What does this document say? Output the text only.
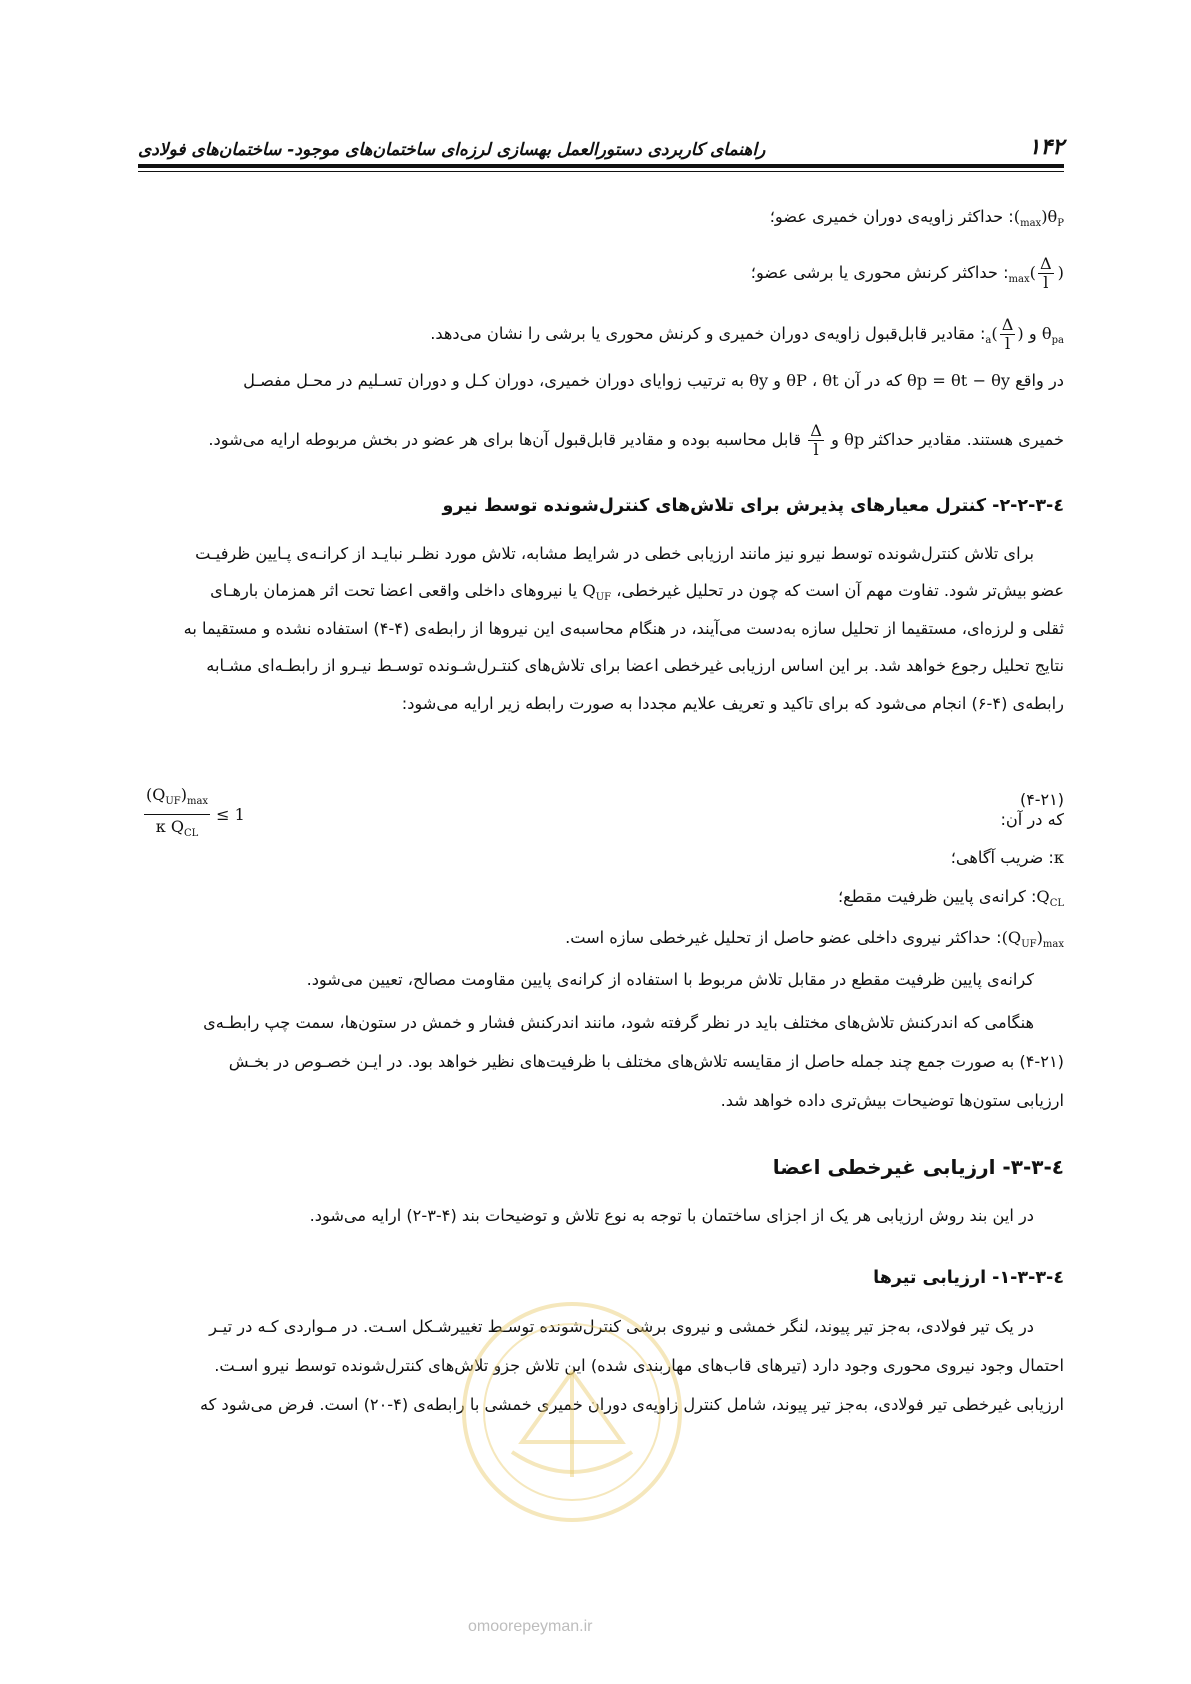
۱۴۲
راهنمای کاربردی دستورالعمل بهسازی لرزه‌ای ساختمان‌های موجود- ساختمان‌های فولادی
$\theta_P)_{max}$(: حداکثر زاویه‌ی دوران خمیری عضو؛
)
$\frac{\Delta}{l}$
($_{max}$: حداکثر کرنش محوری یا برشی عضو؛
$\theta_{pa}$ و )
$\frac{\Delta}{l}$
($_a$: مقادیر قابل‌قبول زاویه‌ی دوران خمیری و کرنش محوری یا برشی را نشان می‌دهد.
در واقع θp = θt − θy که در آن θP ، θt و θy به ترتیب زوایای دوران خمیری، دوران کـل و دوران تسـلیم در محـل مفصـل
خمیری هستند. مقادیر حداکثر θp و
$\frac{\Delta}{l}$
قابل محاسبه بوده و مقادیر قابل‌قبول آن‌ها برای هر عضو در بخش مربوطه ارایه می‌شود.
٤-٣-٢-٢- کنترل معیارهای پذیرش برای تلاش‌های کنترل‌شونده توسط نیرو
برای تلاش کنترل‌شونده توسط نیرو نیز مانند ارزیابی خطی در شرایط مشابه، تلاش مورد نظـر نبایـد از کرانـه‌ی پـایین ظرفیـت
عضو بیش‌تر شود. تفاوت مهم آن است که چون در تحلیل غیرخطی، $Q_{UF}$ یا نیروهای داخلی واقعی اعضا تحت اثر همزمان بارهـای
ثقلی و لرزه‌ای، مستقیما از تحلیل سازه به‌دست می‌آیند، در هنگام محاسبه‌ی این نیروها از رابطه‌ی (۴-۴) استفاده نشده و مستقیما به
نتایج تحلیل رجوع خواهد شد. بر این اساس ارزیابی غیرخطی اعضا برای تلاش‌های کنتـرل‌شـونده توسـط نیـرو از رابطـه‌ای مشـابه
رابطه‌ی (۴-۶) انجام می‌شود که برای تاکید و تعریف علایم مجددا به صورت رابطه زیر ارایه می‌شود:
$\frac{(Q_{UF})_{max}}{\kappa Q_{CL}} \le 1$
(۴-۲۱)
که در آن:
κ: ضریب آگاهی؛
$Q_{CL}$: کرانه‌ی پایین ظرفیت مقطع؛
$(Q_{UF})_{max}$: حداکثر نیروی داخلی عضو حاصل از تحلیل غیرخطی سازه است.
کرانه‌ی پایین ظرفیت مقطع در مقابل تلاش مربوط با استفاده از کرانه‌ی پایین مقاومت مصالح، تعیین می‌شود.
هنگامی که اندرکنش تلاش‌های مختلف باید در نظر گرفته شود، مانند اندرکنش فشار و خمش در ستون‌ها، سمت چپ رابطـه‌ی
(۴-۲۱) به صورت جمع چند جمله حاصل از مقایسه تلاش‌های مختلف با ظرفیت‌های نظیر خواهد بود. در ایـن خصـوص در بخـش
ارزیابی ستون‌ها توضیحات بیش‌تری داده خواهد شد.
٤-٣-٣- ارزیابی غیرخطی اعضا
در این بند روش ارزیابی هر یک از اجزای ساختمان با توجه به نوع تلاش و توضیحات بند (۴-۳-۲) ارایه می‌شود.
٤-٣-٣-١- ارزیابی تیرها
در یک تیر فولادی، به‌جز تیر پیوند، لنگر خمشی و نیروی برشی کنترل‌شونده توسـط تغییرشـکل اسـت. در مـواردی کـه در تیـر
احتمال وجود نیروی محوری وجود دارد (تیرهای قاب‌های مهاربندی شده) این تلاش جزو تلاش‌های کنترل‌شونده توسط نیرو اسـت.
ارزیابی غیرخطی تیر فولادی، به‌جز تیر پیوند، شامل کنترل زاویه‌ی دوران خمیری خمشی با رابطه‌ی (۴-۲۰) است. فرض می‌شود که
omoorepeyman.ir
